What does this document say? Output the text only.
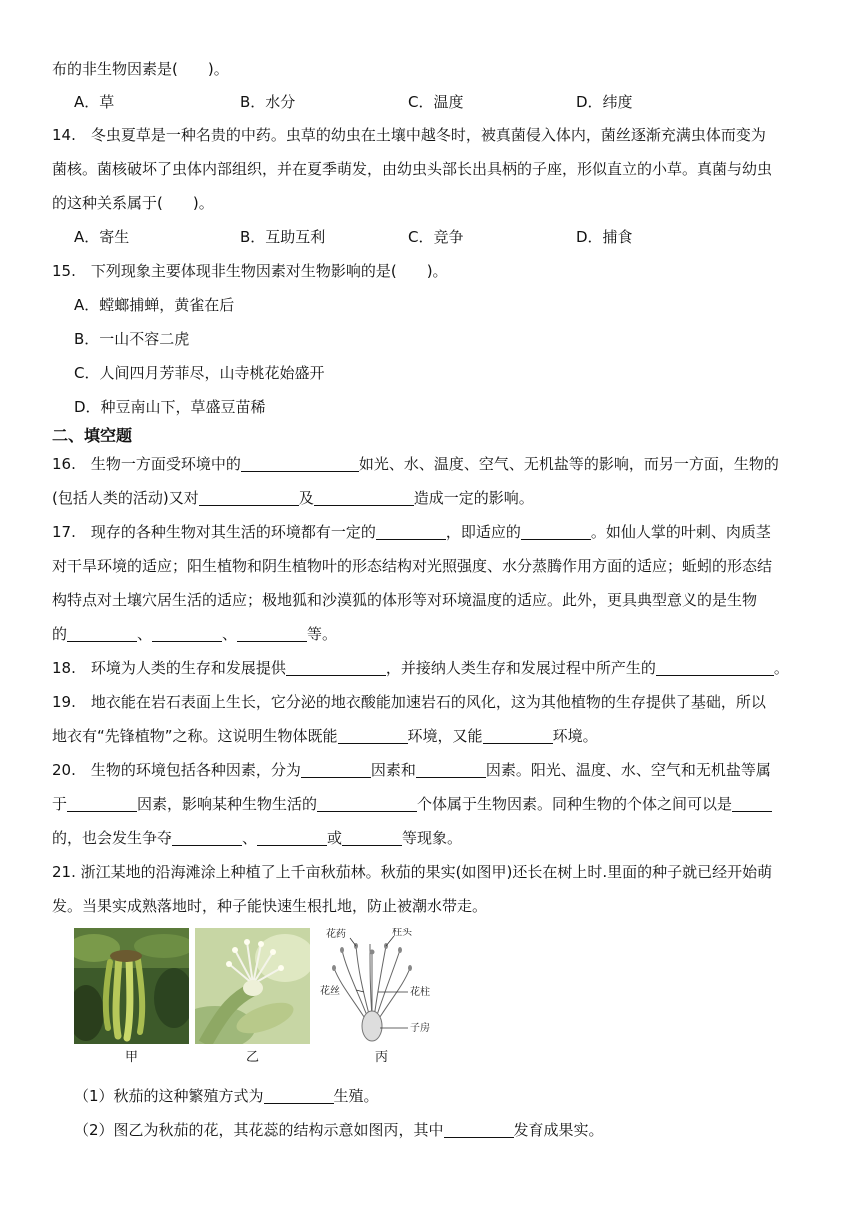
布的非生物因素是(　　)。
A．草	B．水分	C．温度	D．纬度
14.　冬虫夏草是一种名贵的中药。虫草的幼虫在土壤中越冬时，被真菌侵入体内，菌丝逐渐充满虫体而变为
菌核。菌核破坏了虫体内部组织，并在夏季萌发，由幼虫头部长出具柄的子座，形似直立的小草。真菌与幼虫
的这种关系属于(　　)。
A．寄生	B．互助互利	C．竞争	D．捕食
15.　下列现象主要体现非生物因素对生物影响的是(　　)。
A．螳螂捕蝉，黄雀在后
B．一山不容二虎
C．人间四月芳菲尽，山寺桃花始盛开
D．种豆南山下，草盛豆苗稀
二、填空题
16.　生物一方面受环境中的	如光、水、温度、空气、无机盐等的影响，而另一方面，生物的
(包括人类的活动)又对	及	造成一定的影响。
17.　现存的各种生物对其生活的环境都有一定的	，即适应的	。如仙人掌的叶刺、肉质茎
对干旱环境的适应；阳生植物和阴生植物叶的形态结构对光照强度、水分蒸腾作用方面的适应；蚯蚓的形态结
构特点对土壤穴居生活的适应；极地狐和沙漠狐的体形等对环境温度的适应。此外，更具典型意义的是生物
的	、	、	等。
18.　环境为人类的生存和发展提供	，并接纳人类生存和发展过程中所产生的	。
19.　地衣能在岩石表面上生长，它分泌的地衣酸能加速岩石的风化，这为其他植物的生存提供了基础，所以
地衣有“先锋植物”之称。这说明生物体既能	环境，又能	环境。
20.　生物的环境包括各种因素，分为	因素和	因素。阳光、温度、水、空气和无机盐等属
于	因素，影响某种生物生活的	个体属于生物因素。同种生物的个体之间可以是
的，也会发生争夺	、	或	等现象。
21. 浙江某地的沿海滩涂上种植了上千亩秋茄林。秋茄的果实(如图甲)还长在树上时.里面的种子就已经开始萌
发。当果实成熟落地时，种子能快速生根扎地，防止被潮水带走。
甲	乙
花药	柱头
花丝	花柱
子房
丙
（1）秋茄的这种繁殖方式为	生殖。
（2）图乙为秋茄的花，其花蕊的结构示意如图丙，其中	发育成果实。
